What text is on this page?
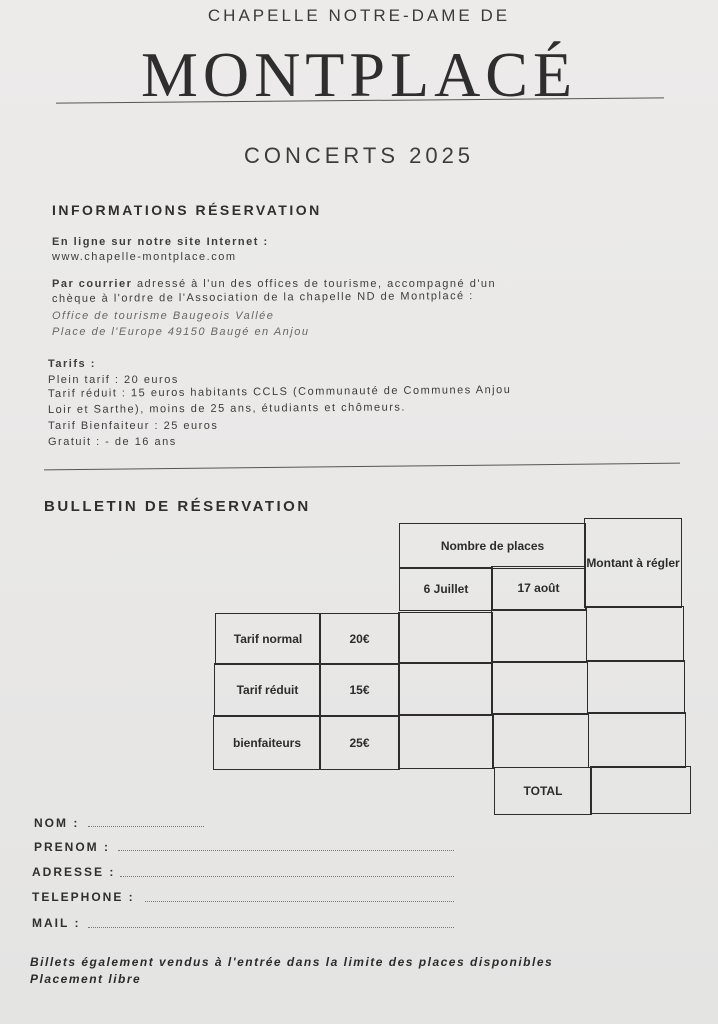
CHAPELLE NOTRE-DAME DE
MONTPLACÉ
CONCERTS 2025
INFORMATIONS RÉSERVATION
En ligne sur notre site Internet :
www.chapelle-montplace.com
Par courrier adressé à l'un des offices de tourisme, accompagné d'un
chèque à l'ordre de l'Association de la chapelle ND de Montplacé :
Office de tourisme Baugeois Vallée
Place de l'Europe 49150 Baugé en Anjou
Tarifs :
Plein tarif : 20 euros
Tarif réduit : 15 euros habitants CCLS (Communauté de Communes Anjou
Loir et Sarthe), moins de 25 ans, étudiants et chômeurs.
Tarif Bienfaiteur : 25 euros
Gratuit : - de 16 ans
BULLETIN DE RÉSERVATION
Nombre de places
Montant à régler
6 Juillet	17 août
Tarif normal	20€
Tarif réduit	15€
bienfaiteurs	25€
TOTAL
NOM :
PRENOM :
ADRESSE :
TELEPHONE :
MAIL :
Billets également vendus à l'entrée dans la limite des places disponibles
Placement libre
